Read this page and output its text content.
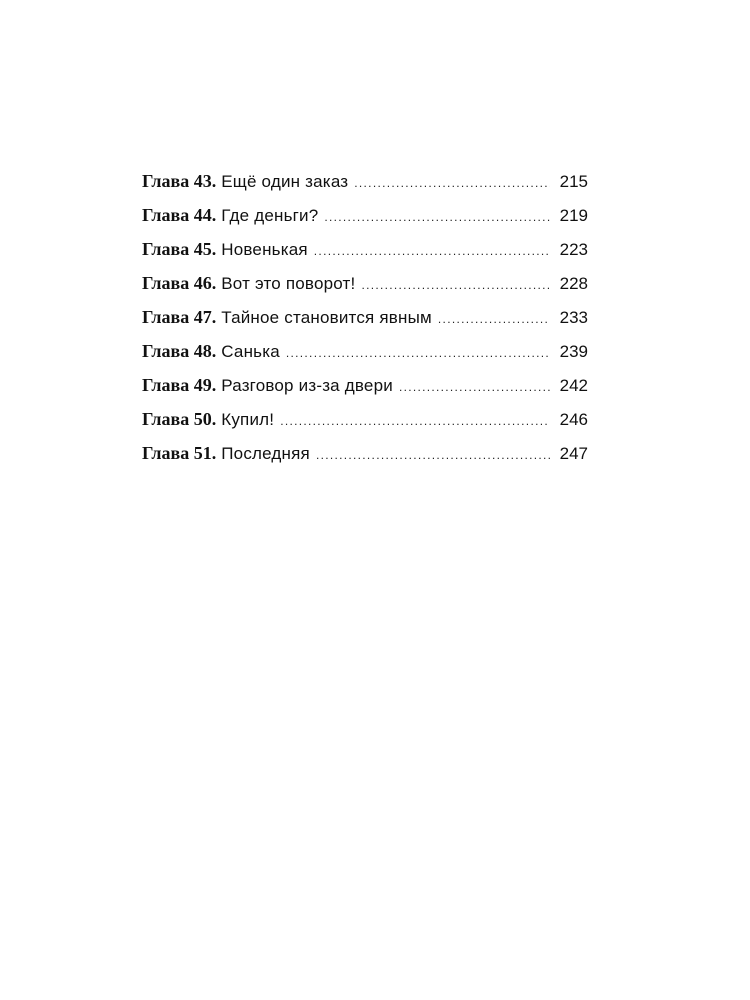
Глава 43. Ещё один заказ .....	215
Глава 44. Где деньги? .....	219
Глава 45. Новенькая .....	223
Глава 46. Вот это поворот! .....	228
Глава 47. Тайное становится явным .....	233
Глава 48. Санька .....	239
Глава 49. Разговор из-за двери .....	242
Глава 50. Купил! .....	246
Глава 51. Последняя .....	247
